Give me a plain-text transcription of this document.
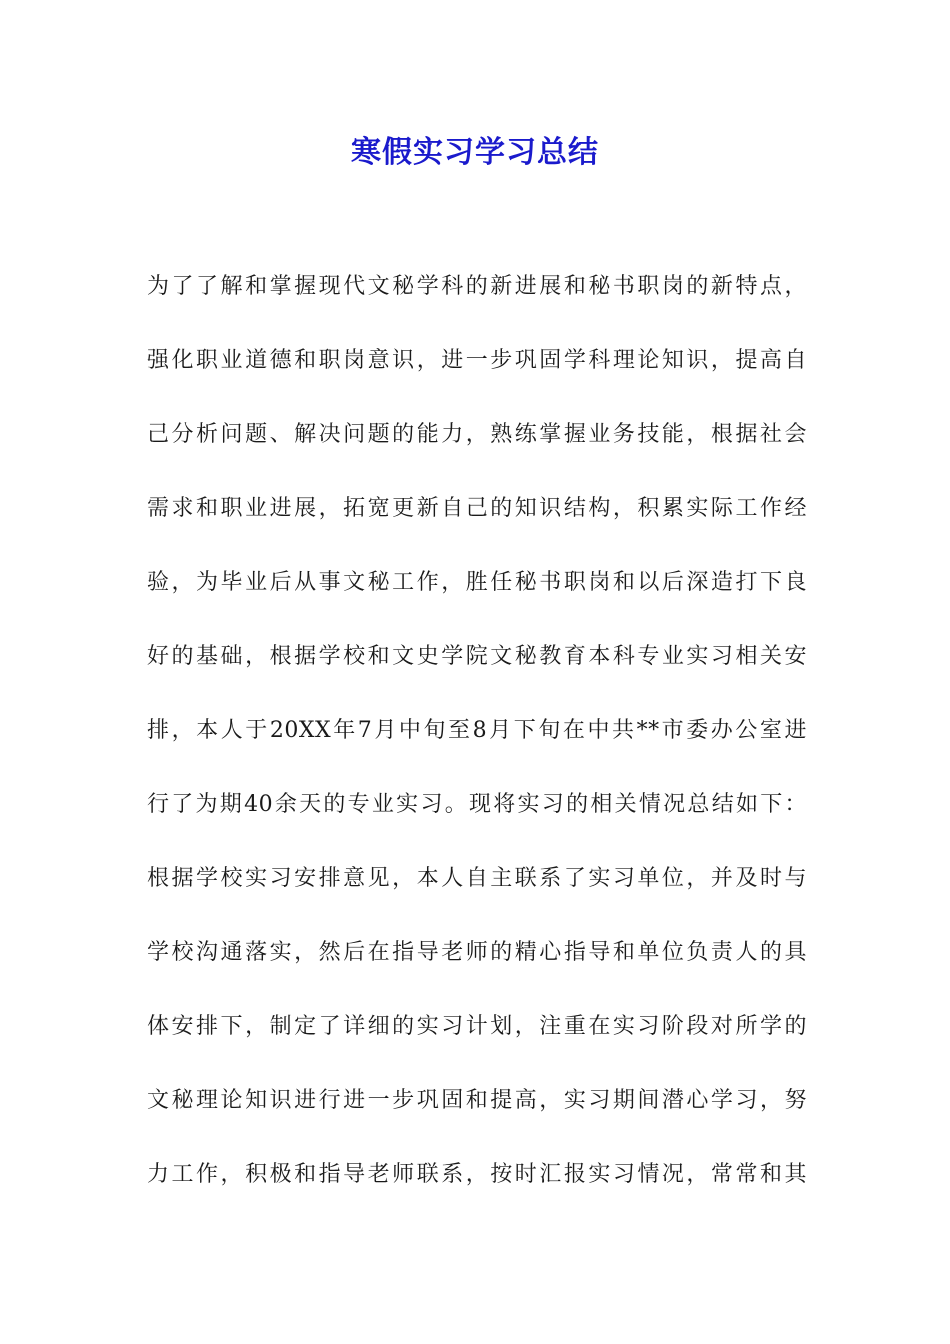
寒假实习学习总结
为了了解和掌握现代文秘学科的新进展和秘书职岗的新特点，
强化职业道德和职岗意识，进一步巩固学科理论知识，提高自
己分析问题、解决问题的能力，熟练掌握业务技能，根据社会
需求和职业进展，拓宽更新自己的知识结构，积累实际工作经
验，为毕业后从事文秘工作，胜任秘书职岗和以后深造打下良
好的基础，根据学校和文史学院文秘教育本科专业实习相关安
排，本人于20XX年7月中旬至8月下旬在中共**市委办公室进
行了为期40余天的专业实习。现将实习的相关情况总结如下：
根据学校实习安排意见，本人自主联系了实习单位，并及时与
学校沟通落实，然后在指导老师的精心指导和单位负责人的具
体安排下，制定了详细的实习计划，注重在实习阶段对所学的
文秘理论知识进行进一步巩固和提高，实习期间潜心学习，努
力工作，积极和指导老师联系，按时汇报实习情况，常常和其
